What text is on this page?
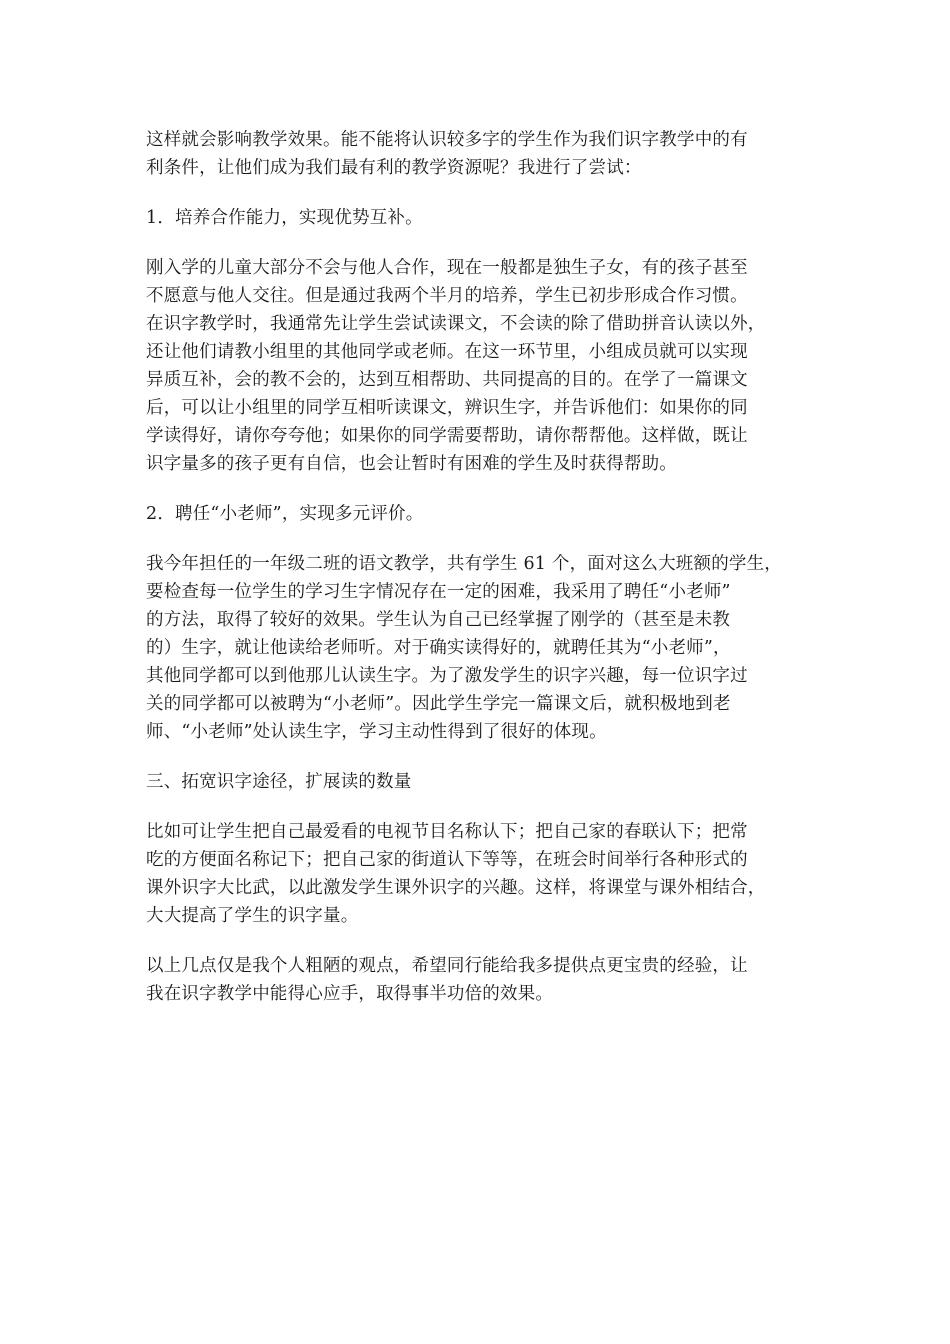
这样就会影响教学效果。能不能将认识较多字的学生作为我们识字教学中的有
利条件，让他们成为我们最有利的教学资源呢？我进行了尝试：
1．培养合作能力，实现优势互补。
刚入学的儿童大部分不会与他人合作，现在一般都是独生子女，有的孩子甚至
不愿意与他人交往。但是通过我两个半月的培养，学生已初步形成合作习惯。
在识字教学时，我通常先让学生尝试读课文，不会读的除了借助拼音认读以外，
还让他们请教小组里的其他同学或老师。在这一环节里，小组成员就可以实现
异质互补，会的教不会的，达到互相帮助、共同提高的目的。在学了一篇课文
后，可以让小组里的同学互相听读课文，辨识生字，并告诉他们：如果你的同
学读得好，请你夸夸他；如果你的同学需要帮助，请你帮帮他。这样做，既让
识字量多的孩子更有自信，也会让暂时有困难的学生及时获得帮助。
2．聘任“小老师”，实现多元评价。
我今年担任的一年级二班的语文教学，共有学生 61 个，面对这么大班额的学生，
要检查每一位学生的学习生字情况存在一定的困难，我采用了聘任“小老师”
的方法，取得了较好的效果。学生认为自己已经掌握了刚学的（甚至是未教
的）生字，就让他读给老师听。对于确实读得好的，就聘任其为“小老师”，
其他同学都可以到他那儿认读生字。为了激发学生的识字兴趣，每一位识字过
关的同学都可以被聘为“小老师”。因此学生学完一篇课文后，就积极地到老
师、“小老师”处认读生字，学习主动性得到了很好的体现。
三、拓宽识字途径，扩展读的数量
比如可让学生把自己最爱看的电视节目名称认下；把自己家的春联认下；把常
吃的方便面名称记下；把自己家的街道认下等等，在班会时间举行各种形式的
课外识字大比武，以此激发学生课外识字的兴趣。这样，将课堂与课外相结合，
大大提高了学生的识字量。
以上几点仅是我个人粗陋的观点，希望同行能给我多提供点更宝贵的经验，让
我在识字教学中能得心应手，取得事半功倍的效果。
